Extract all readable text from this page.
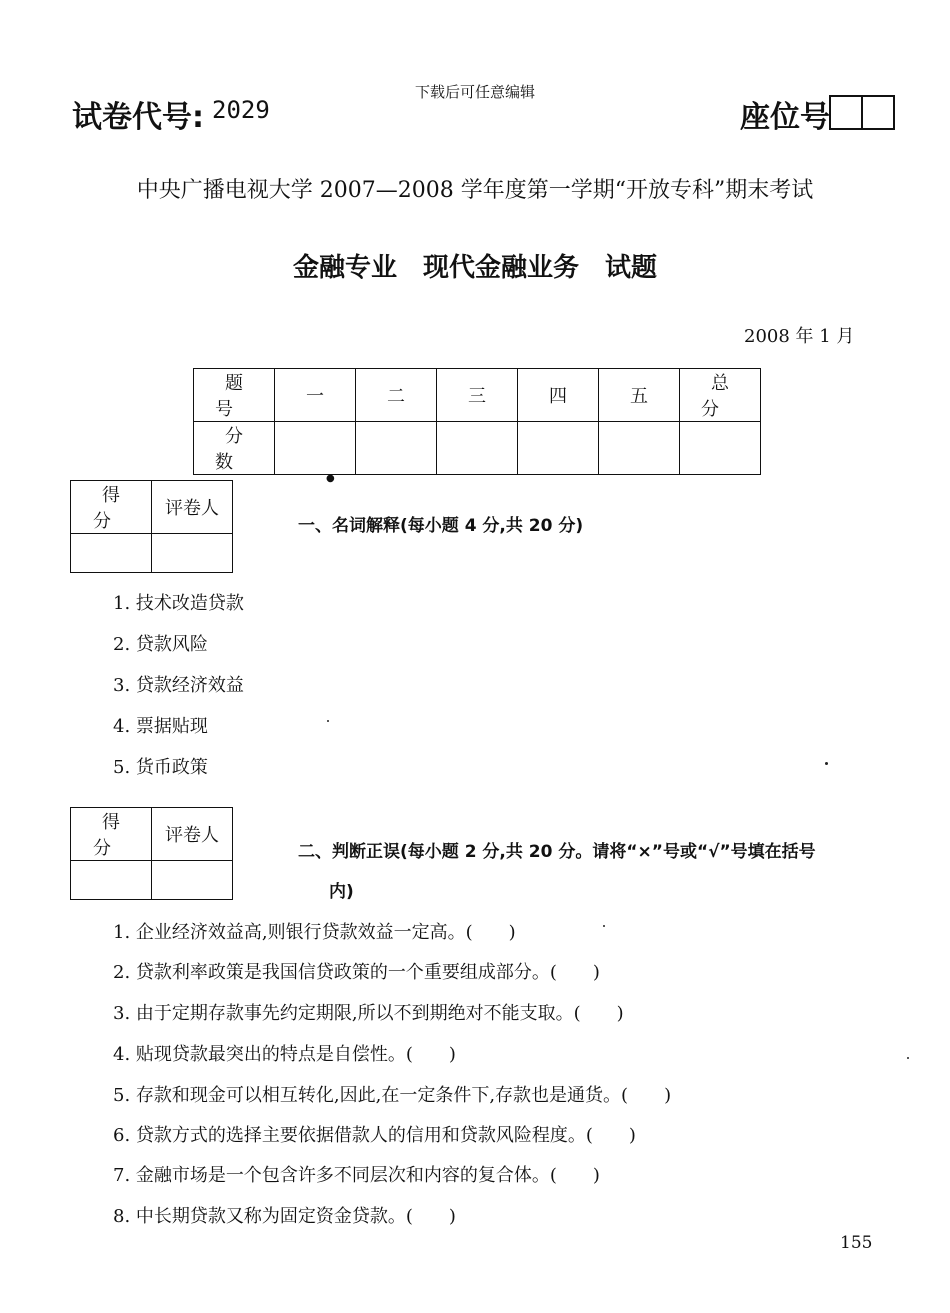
下载后可任意编辑
试卷代号: 2029	座位号
中央广播电视大学 2007—2008 学年度第一学期“开放专科”期末考试
金融专业　现代金融业务　试题
2008 年 1 月
题号	一	二	三	四	五	总分
分数						
●
得分	评卷人

一、名词解释(每小题 4 分,共 20 分)
1. 技术改造贷款
2. 贷款风险
3. 贷款经济效益
4. 票据贴现
5. 货币政策
得分	评卷人

二、判断正误(每小题 2 分,共 20 分。请将“×”号或“√”号填在括号
内)
1. 企业经济效益高,则银行贷款效益一定高。(　　)
2. 贷款利率政策是我国信贷政策的一个重要组成部分。(　　)
3. 由于定期存款事先约定期限,所以不到期绝对不能支取。(　　)
4. 贴现贷款最突出的特点是自偿性。(　　)
5. 存款和现金可以相互转化,因此,在一定条件下,存款也是通货。(　　)
6. 贷款方式的选择主要依据借款人的信用和贷款风险程度。(　　)
7. 金融市场是一个包含许多不同层次和内容的复合体。(　　)
8. 中长期贷款又称为固定资金贷款。(　　)
155
